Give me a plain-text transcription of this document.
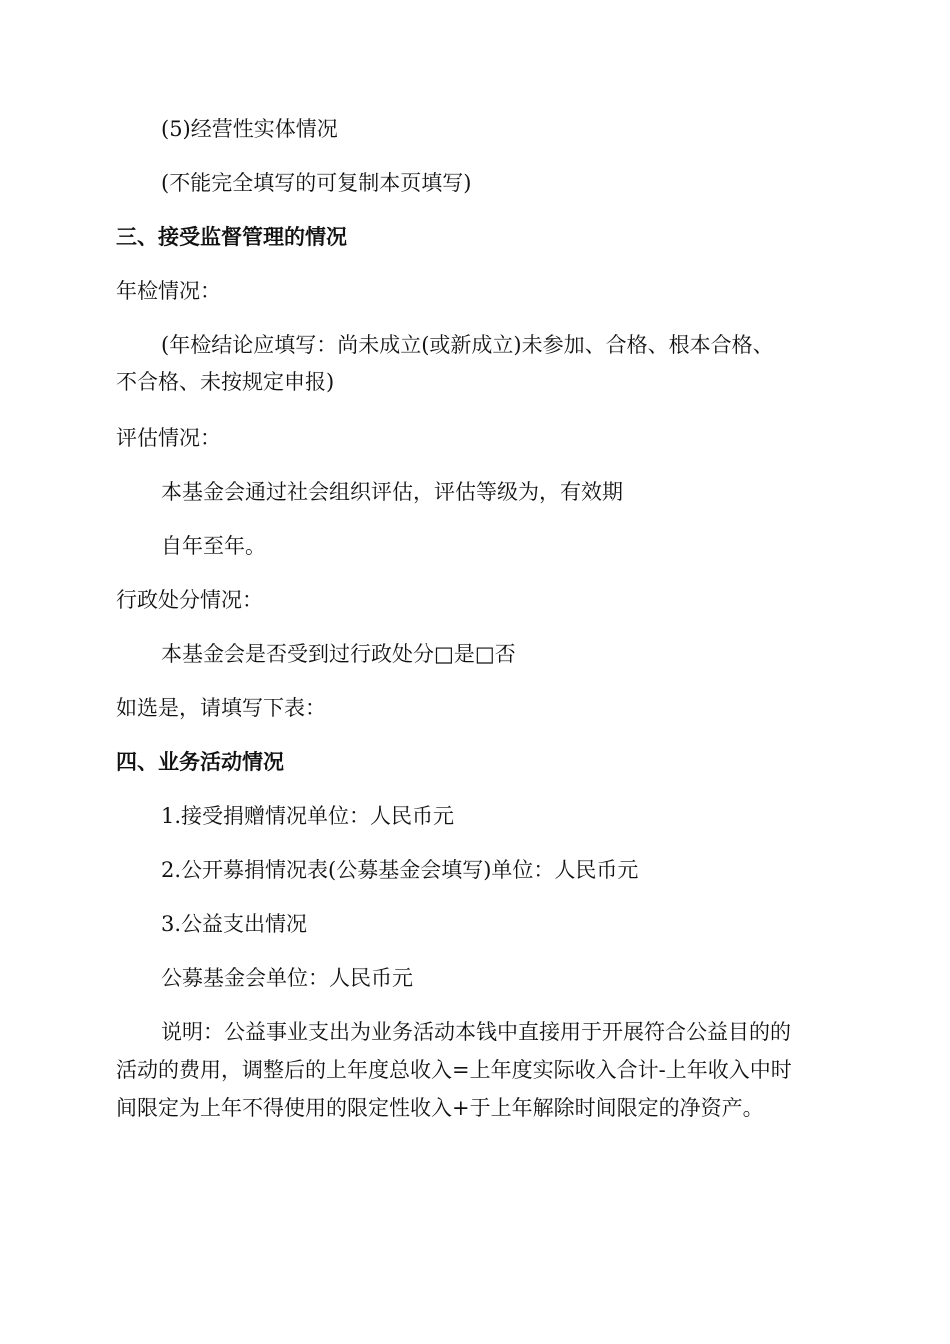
(5)经营性实体情况
(不能完全填写的可复制本页填写)
三、接受监督管理的情况
年检情况：
(年检结论应填写：尚未成立(或新成立)未参加、合格、根本合格、
不合格、未按规定申报)
评估情况：
本基金会通过社会组织评估，评估等级为，有效期
自年至年。
行政处分情况：
本基金会是否受到过行政处分□是□否
如选是，请填写下表：
四、业务活动情况
1.接受捐赠情况单位：人民币元
2.公开募捐情况表(公募基金会填写)单位：人民币元
3.公益支出情况
公募基金会单位：人民币元
说明：公益事业支出为业务活动本钱中直接用于开展符合公益目的的
活动的费用，调整后的上年度总收入=上年度实际收入合计-上年收入中时
间限定为上年不得使用的限定性收入+于上年解除时间限定的净资产。
